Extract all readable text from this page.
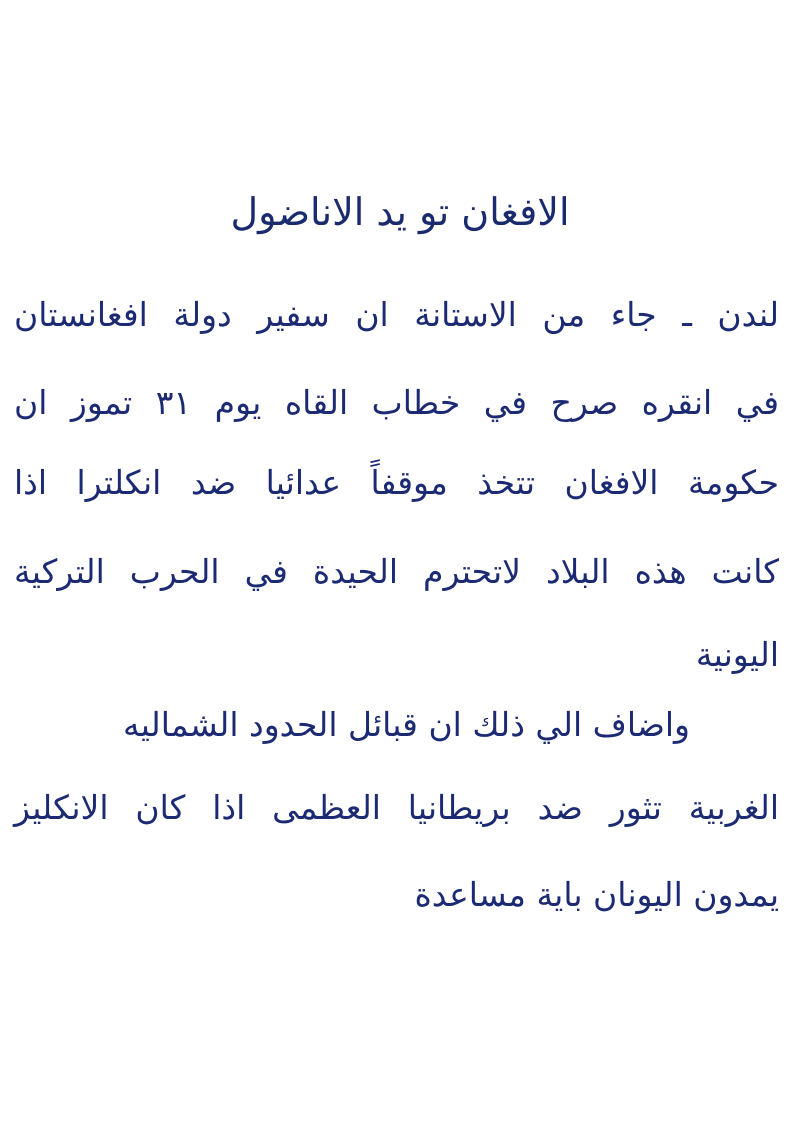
الافغان تو يد الاناضول
لندن ـ جاء من الاستانة ان سفير دولة افغانستان
في انقره صرح في خطاب القاه يوم ٣١ تموز ان
حكومة الافغان تتخذ موقفاً عدائيا ضد انكلترا اذا
كانت هذه البلاد لاتحترم الحيدة في الحرب التركية
اليونية
واضاف الي ذلك ان قبائل الحدود الشماليه
الغربية تثور ضد بريطانيا العظمى اذا كان الانكليز
يمدون اليونان باية مساعدة
